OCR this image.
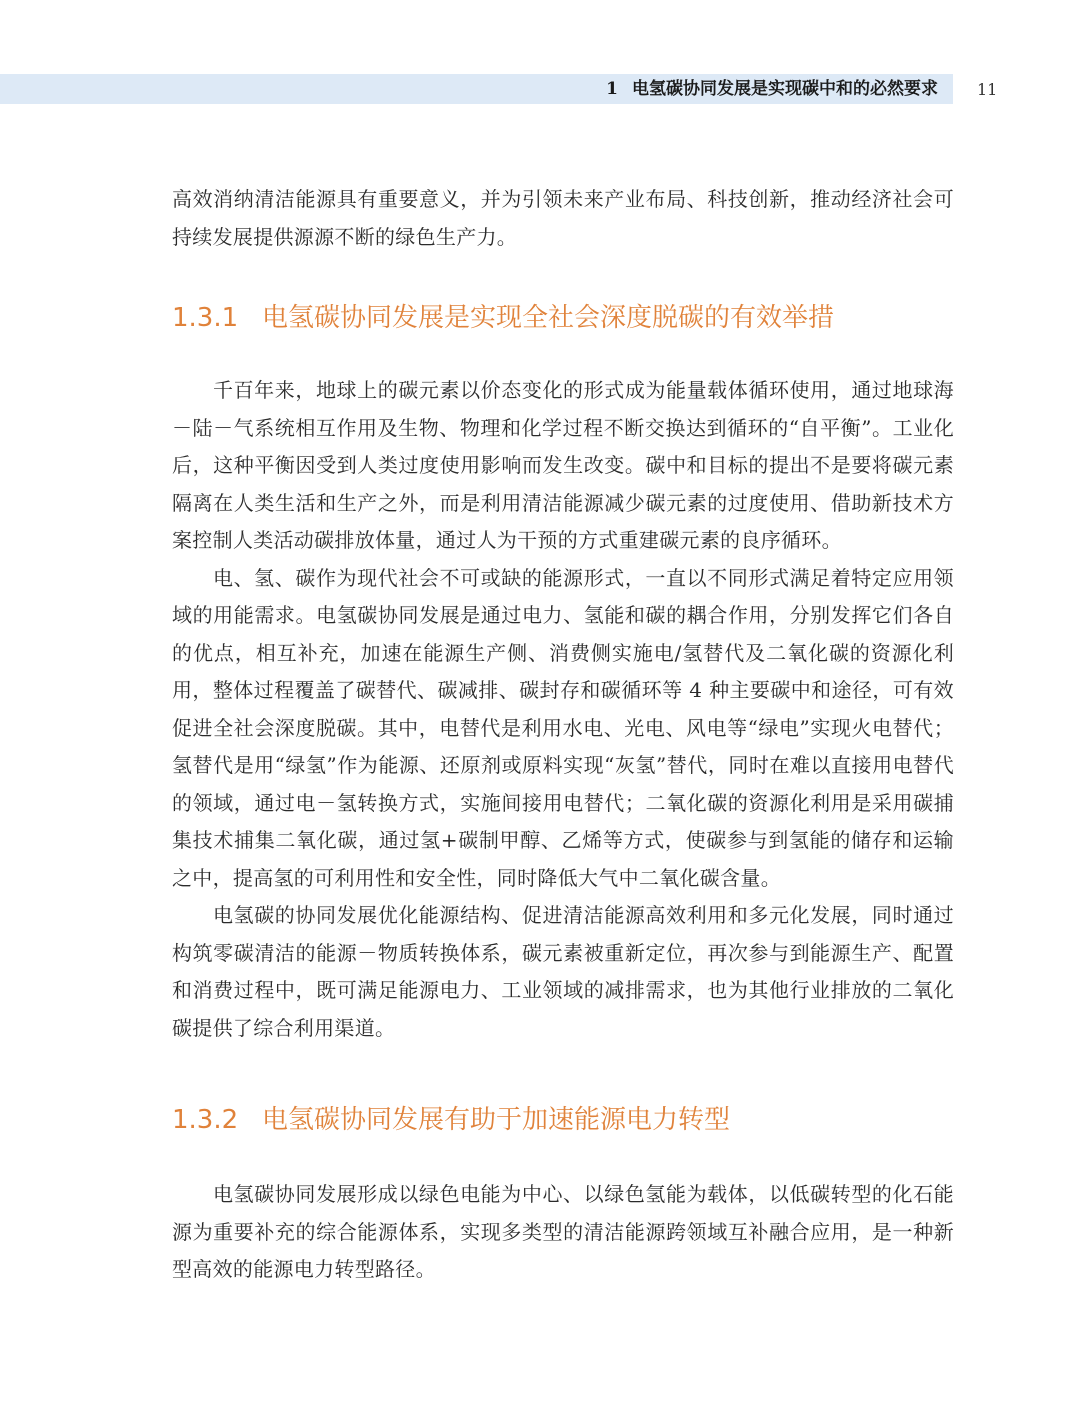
1 电氢碳协同发展是实现碳中和的必然要求 11

高效消纳清洁能源具有重要意义，并为引领未来产业布局、科技创新，推动经济社会可持续发展提供源源不断的绿色生产力。

1.3.1 电氢碳协同发展是实现全社会深度脱碳的有效举措

千百年来，地球上的碳元素以价态变化的形式成为能量载体循环使用，通过地球海－陆－气系统相互作用及生物、物理和化学过程不断交换达到循环的“自平衡”。工业化后，这种平衡因受到人类过度使用影响而发生改变。碳中和目标的提出不是要将碳元素隔离在人类生活和生产之外，而是利用清洁能源减少碳元素的过度使用、借助新技术方案控制人类活动碳排放体量，通过人为干预的方式重建碳元素的良序循环。

电、氢、碳作为现代社会不可或缺的能源形式，一直以不同形式满足着特定应用领域的用能需求。电氢碳协同发展是通过电力、氢能和碳的耦合作用，分别发挥它们各自的优点，相互补充，加速在能源生产侧、消费侧实施电/氢替代及二氧化碳的资源化利用，整体过程覆盖了碳替代、碳减排、碳封存和碳循环等 4 种主要碳中和途径，可有效促进全社会深度脱碳。其中，电替代是利用水电、光电、风电等“绿电”实现火电替代；氢替代是用“绿氢”作为能源、还原剂或原料实现“灰氢”替代，同时在难以直接用电替代的领域，通过电－氢转换方式，实施间接用电替代；二氧化碳的资源化利用是采用碳捕集技术捕集二氧化碳，通过氢+碳制甲醇、乙烯等方式，使碳参与到氢能的储存和运输之中，提高氢的可利用性和安全性，同时降低大气中二氧化碳含量。

电氢碳的协同发展优化能源结构、促进清洁能源高效利用和多元化发展，同时通过构筑零碳清洁的能源－物质转换体系，碳元素被重新定位，再次参与到能源生产、配置和消费过程中，既可满足能源电力、工业领域的减排需求，也为其他行业排放的二氧化碳提供了综合利用渠道。

1.3.2 电氢碳协同发展有助于加速能源电力转型

电氢碳协同发展形成以绿色电能为中心、以绿色氢能为载体，以低碳转型的化石能源为重要补充的综合能源体系，实现多类型的清洁能源跨领域互补融合应用，是一种新型高效的能源电力转型路径。
